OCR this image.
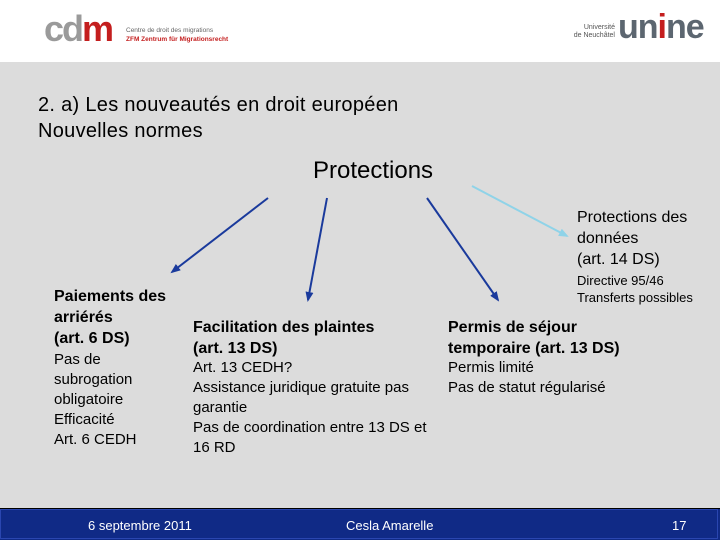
cdm Centre de droit des migrations
ZFM Zentrum für Migrationsrecht
Université
de Neuchâtel unine
2. a) Les nouveautés en droit européen
Nouvelles normes
Protections
Protections des
données
(art. 14 DS)
Directive 95/46
Transferts possibles
Paiements des
arriérés
(art. 6 DS)
Pas de
subrogation
obligatoire
Efficacité
Art. 6 CEDH
Facilitation des plaintes
(art. 13 DS)
Art. 13 CEDH?
Assistance juridique gratuite pas
garantie
Pas de coordination entre 13 DS et
16 RD
Permis de séjour
temporaire (art. 13 DS)
Permis limité
Pas de statut régularisé
6 septembre 2011	Cesla Amarelle	17
